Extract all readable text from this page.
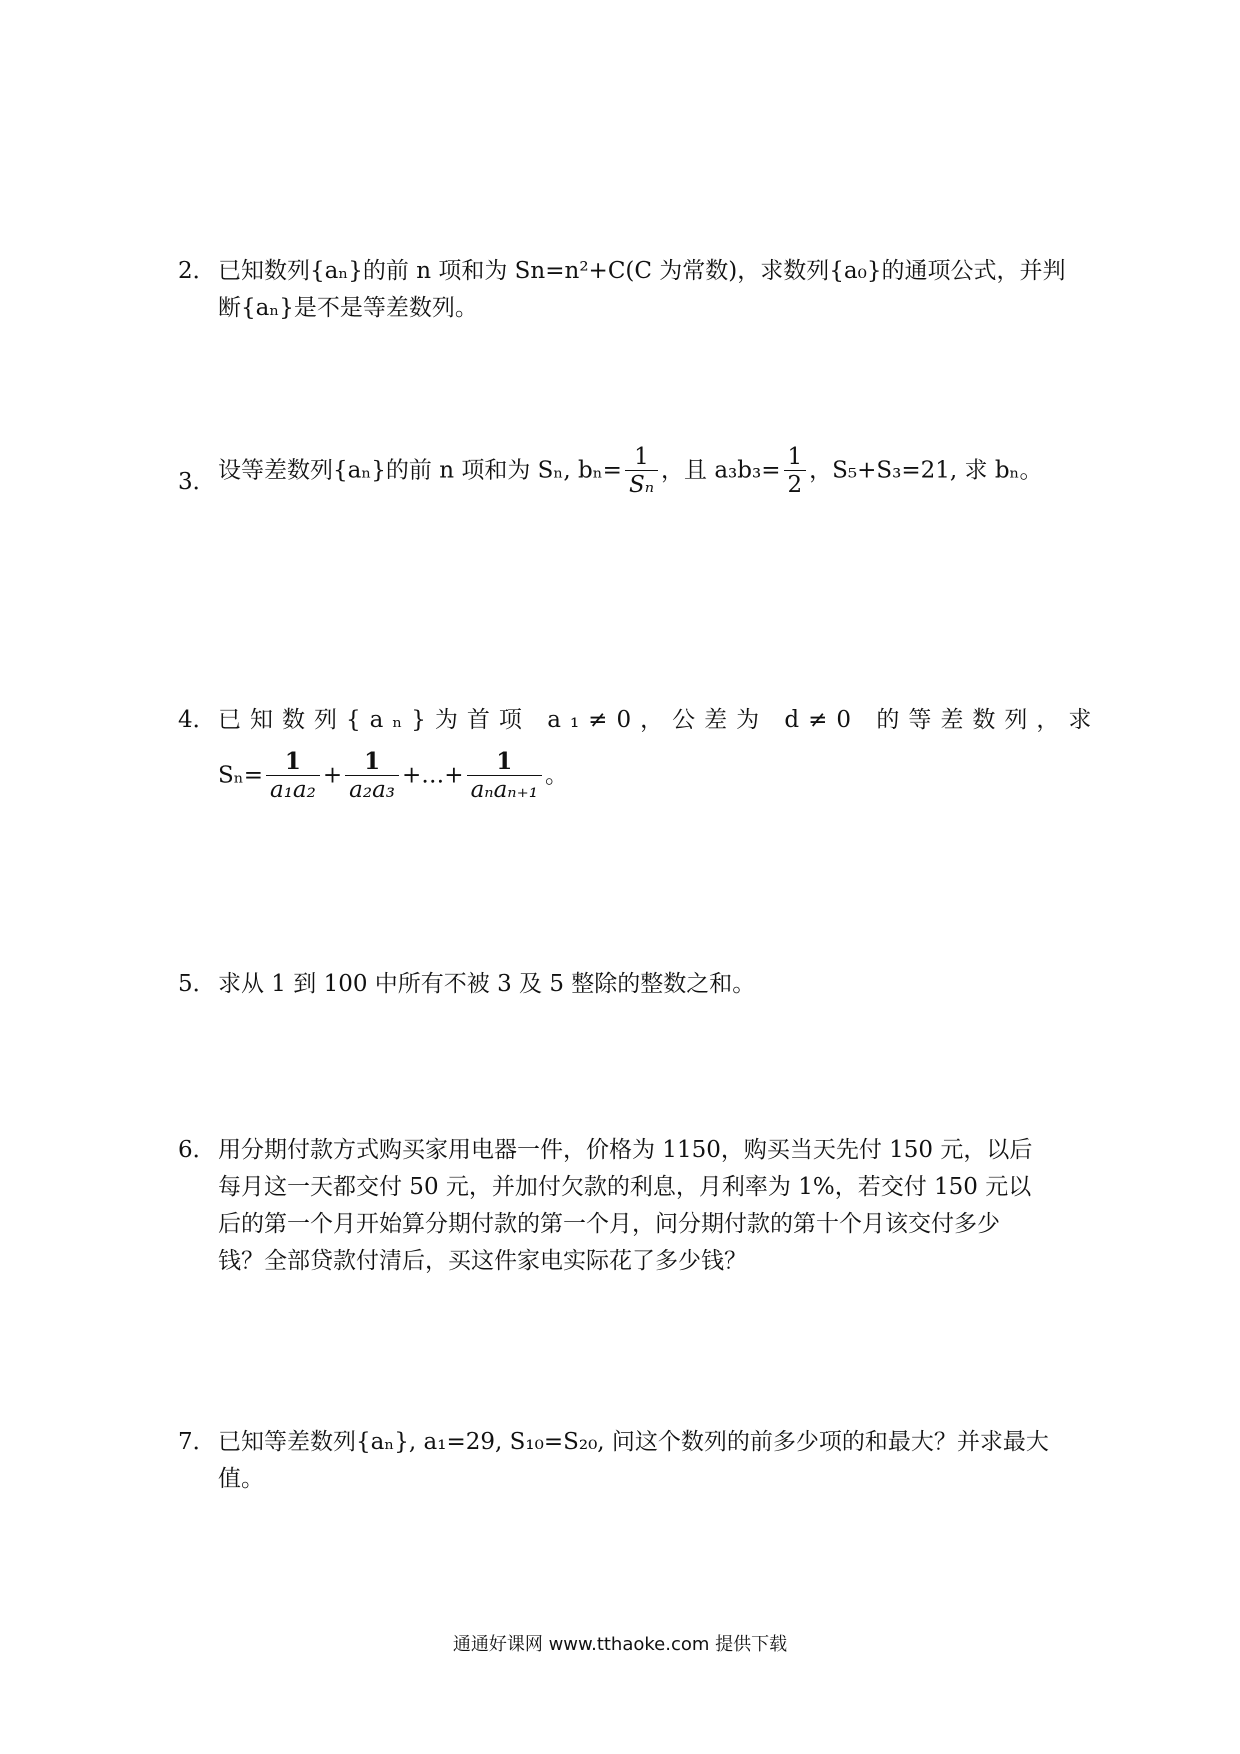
2． 已知数列{aₙ}的前 n 项和为 Sn=n²+C(C 为常数)，求数列{a₀}的通项公式，并判
断{aₙ}是不是等差数列。
3． 设等差数列{aₙ}的前 n 项和为 Sₙ, $b_n= \frac{1}{\text{Sₙ}}$ ，且 $a_3b_3= \frac{1}{2}$ ，S₅+S₃=21, 求 bₙ。
4． 已知数列{aₙ}为首项 a₁≠0，公差为 d≠0 的等差数列，求
$S_n= \frac{1}{\text{a₁a₂}} + \frac{1}{\text{a₂a₃}}$ +…+ $\frac{1}{\text{aₙaₙ₊₁}}$ 。
5． 求从 1 到 100 中所有不被 3 及 5 整除的整数之和。
6． 用分期付款方式购买家用电器一件，价格为 1150，购买当天先付 150 元，以后
每月这一天都交付 50 元，并加付欠款的利息，月利率为 1%，若交付 150 元以
后的第一个月开始算分期付款的第一个月，问分期付款的第十个月该交付多少
钱？全部贷款付清后，买这件家电实际花了多少钱？
7． 已知等差数列{aₙ}, a₁=29, S₁₀=S₂₀, 问这个数列的前多少项的和最大？并求最大
值。
通通好课网 www.tthaoke.com 提供下载
